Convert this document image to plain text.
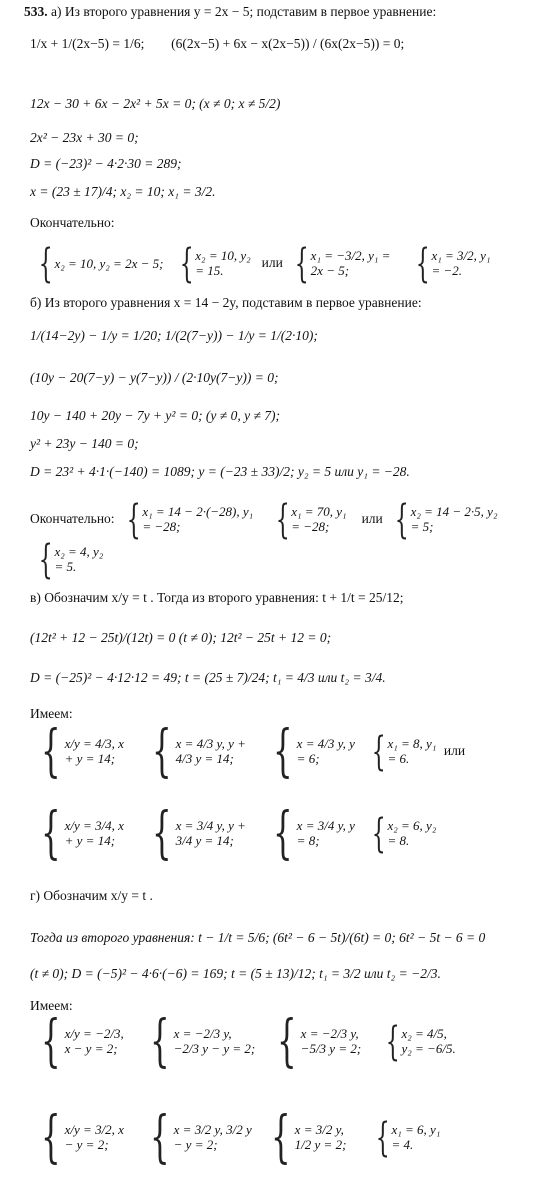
533. а) Из второго уравнения y = 2x − 5; подставим в первое уравнение:
1/x + 1/(2x−5) = 1/6; (6(2x−5) + 6x − x(2x−5)) / (6x(2x−5)) = 0;
12x − 30 + 6x − 2x² + 5x = 0; (x ≠ 0; x ≠ 5/2)
2x² − 23x + 30 = 0;
D = (−23)² − 4·2·30 = 289;
x = (23 ± 17)/4; x₂ = 10; x₁ = 3/2.
Окончательно:
{ x₂ = 10, y₂ = 2x − 5;
{ x₂ = 10, y₂ = 15.
или { x₁ = −3/2, y₁ = 2x − 5;
	{ x₁ = 3/2, y₁ = −2.
б) Из второго уравнения x = 14 − 2y, подставим в первое уравнение:
1/(14−2y) − 1/y = 1/20; 1/(2(7−y)) − 1/y = 1/(2·10);
(10y − 20(7−y) − y(7−y)) / (2·10y(7−y)) = 0;
10y − 140 + 20y − 7y + y² = 0; (y ≠ 0, y ≠ 7);
y² + 23y − 140 = 0;
D = 23² + 4·1·(−140) = 1089; y = (−23 ± 33)/2; y₂ = 5 или y₁ = −28.
Окончательно: { x₁ = 14 − 2·(−28), y₁ = −28;
	{ x₁ = 70, y₁ = −28;
или { x₂ = 14 − 2·5, y₂ = 5;
{ x₂ = 4, y₂ = 5.
в) Обозначим x/y = t . Тогда из второго уравнения: t + 1/t = 25/12;
(12t² + 12 − 25t)/(12t) = 0 (t ≠ 0); 12t² − 25t + 12 = 0;
D = (−25)² − 4·12·12 = 49; t = (25 ± 7)/24; t₁ = 4/3 или t₂ = 3/4.
Имеем:
{ x/y = 4/3, x + y = 14;
{ x = 4/3 y, y + 4/3 y = 14;
{ x = 4/3 y, y = 6;
	{ x₁ = 8, y₁ = 6.
или
{ x/y = 3/4, x + y = 14;
{ x = 3/4 y, y + 3/4 y = 14;
{ x = 3/4 y, y = 8;
	{ x₂ = 6, y₂ = 8.
г) Обозначим x/y = t .
Тогда из второго уравнения: t − 1/t = 5/6; (6t² − 6 − 5t)/(6t) = 0; 6t² − 5t − 6 = 0
(t ≠ 0); D = (−5)² − 4·6·(−6) = 169; t = (5 ± 13)/12; t₁ = 3/2 или t₂ = −2/3.
Имеем:
{ x/y = −2/3, x − y = 2;
{ x = −2/3 y, −2/3 y − y = 2;
{ x = −2/3 y, −5/3 y = 2;
{ x₂ = 4/5, y₂ = −6/5.
{ x/y = 3/2, x − y = 2;
{ x = 3/2 y, 3/2 y − y = 2;
{ x = 3/2 y, 1/2 y = 2;
{ x₁ = 6, y₁ = 4.
